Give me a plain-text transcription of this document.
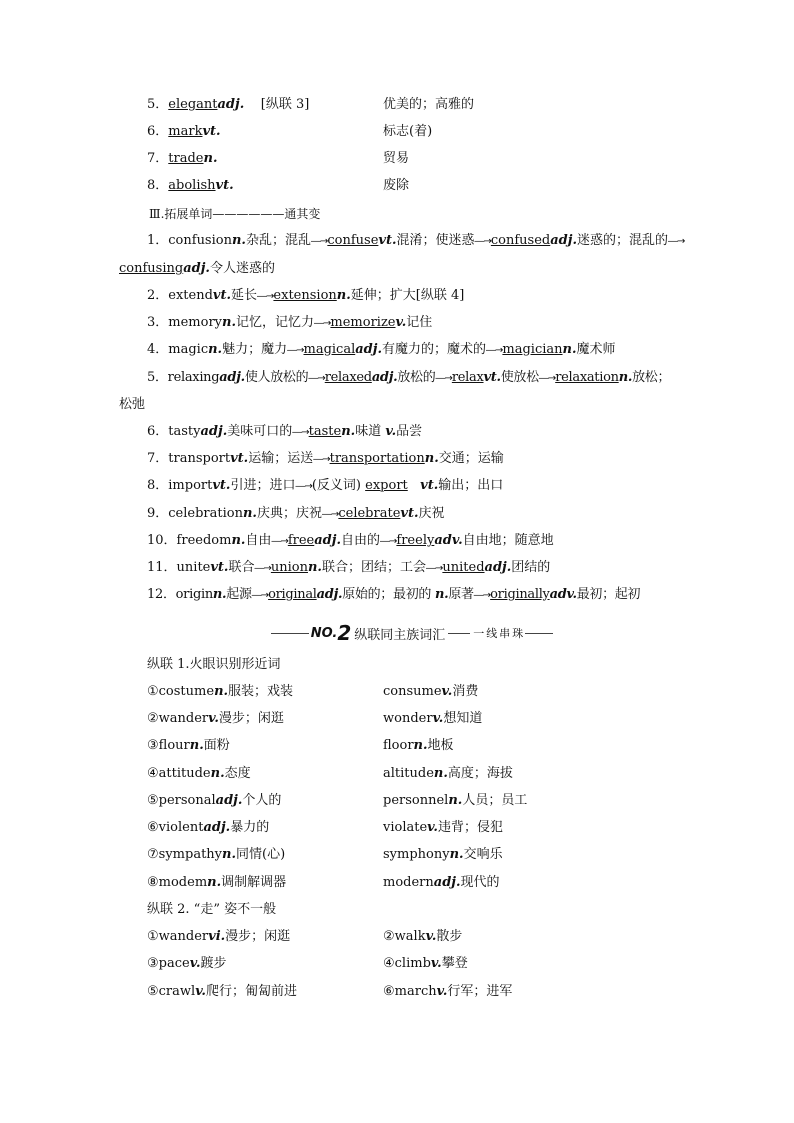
5．elegantadj. [纵联 3]	优美的；高雅的
6．markvt.	标志(着)
7．traden.	贸易
8．abolishvt.	废除
Ⅲ.拓展单词——————通其变
1．confusionn.杂乱；混乱―→confusevt.混淆；使迷惑―→confusedadj.迷惑的；混乱的―→
confusingadj.令人迷惑的
2．extendvt.延长―→extensionn.延伸；扩大[纵联 4]
3．memoryn.记忆，记忆力―→memorizev.记住
4．magicn.魅力；魔力―→magicaladj.有魔力的；魔术的―→magiciann.魔术师
5．relaxingadj.使人放松的―→relaxedadj.放松的―→relaxvt.使放松―→relaxationn.放松；
松弛
6．tastyadj.美味可口的―→tasten.味道 v.品尝
7．transportvt.运输；运送―→transportationn.交通；运输
8．importvt.引进；进口―→(反义词) export vt.输出；出口
9．celebrationn.庆典；庆祝―→celebratevt.庆祝
10．freedomn.自由―→freeadj.自由的―→freelyadv.自由地；随意地
11．unitevt.联合―→unionn.联合；团结；工会―→unitedadj.团结的
12．originn.起源―→originaladj.原始的；最初的 n.原著―→originallyadv.最初；起初
NO. 2 纵联同主族词汇	一线串珠
纵联 1.火眼识别形近词
①costumen.服装；戏装	consumev.消费
②wanderv.漫步；闲逛	wonderv.想知道
③flourn.面粉	floorn.地板
④attituden.态度	altituden.高度；海拔
⑤personaladj.个人的	personneln.人员；员工
⑥violentadj.暴力的	violatev.违背；侵犯
⑦sympathyn.同情(心)	symphonyn.交响乐
⑧modemn.调制解调器	modernadj.现代的
纵联 2. “走” 姿不一般
①wandervi.漫步；闲逛	②walkv.散步
③pacev.踱步	④climbv.攀登
⑤crawlv.爬行；匍匐前进	⑥marchv.行军；进军
